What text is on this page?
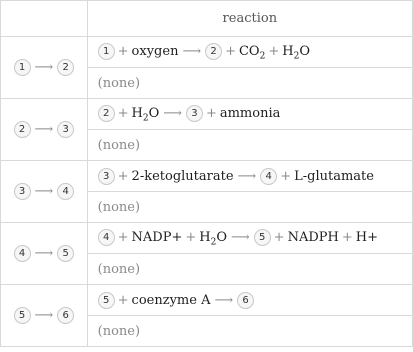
	reaction
1 ⟶ 2	1 + oxygen ⟶ $2 + CO_2 + H_2O$
	(none)
2 ⟶ 3	$2 + H_2O$ ⟶ 3 + ammonia
	(none)
3 ⟶ 4	3 + 2-ketoglutarate ⟶ 4 + L-glutamate
	(none)
4 ⟶ 5	4 + NADP+ + $H_2O$ ⟶ 5 + NADPH + H+
	(none)
5 ⟶ 6	5 + coenzyme A ⟶ 6
	(none)
